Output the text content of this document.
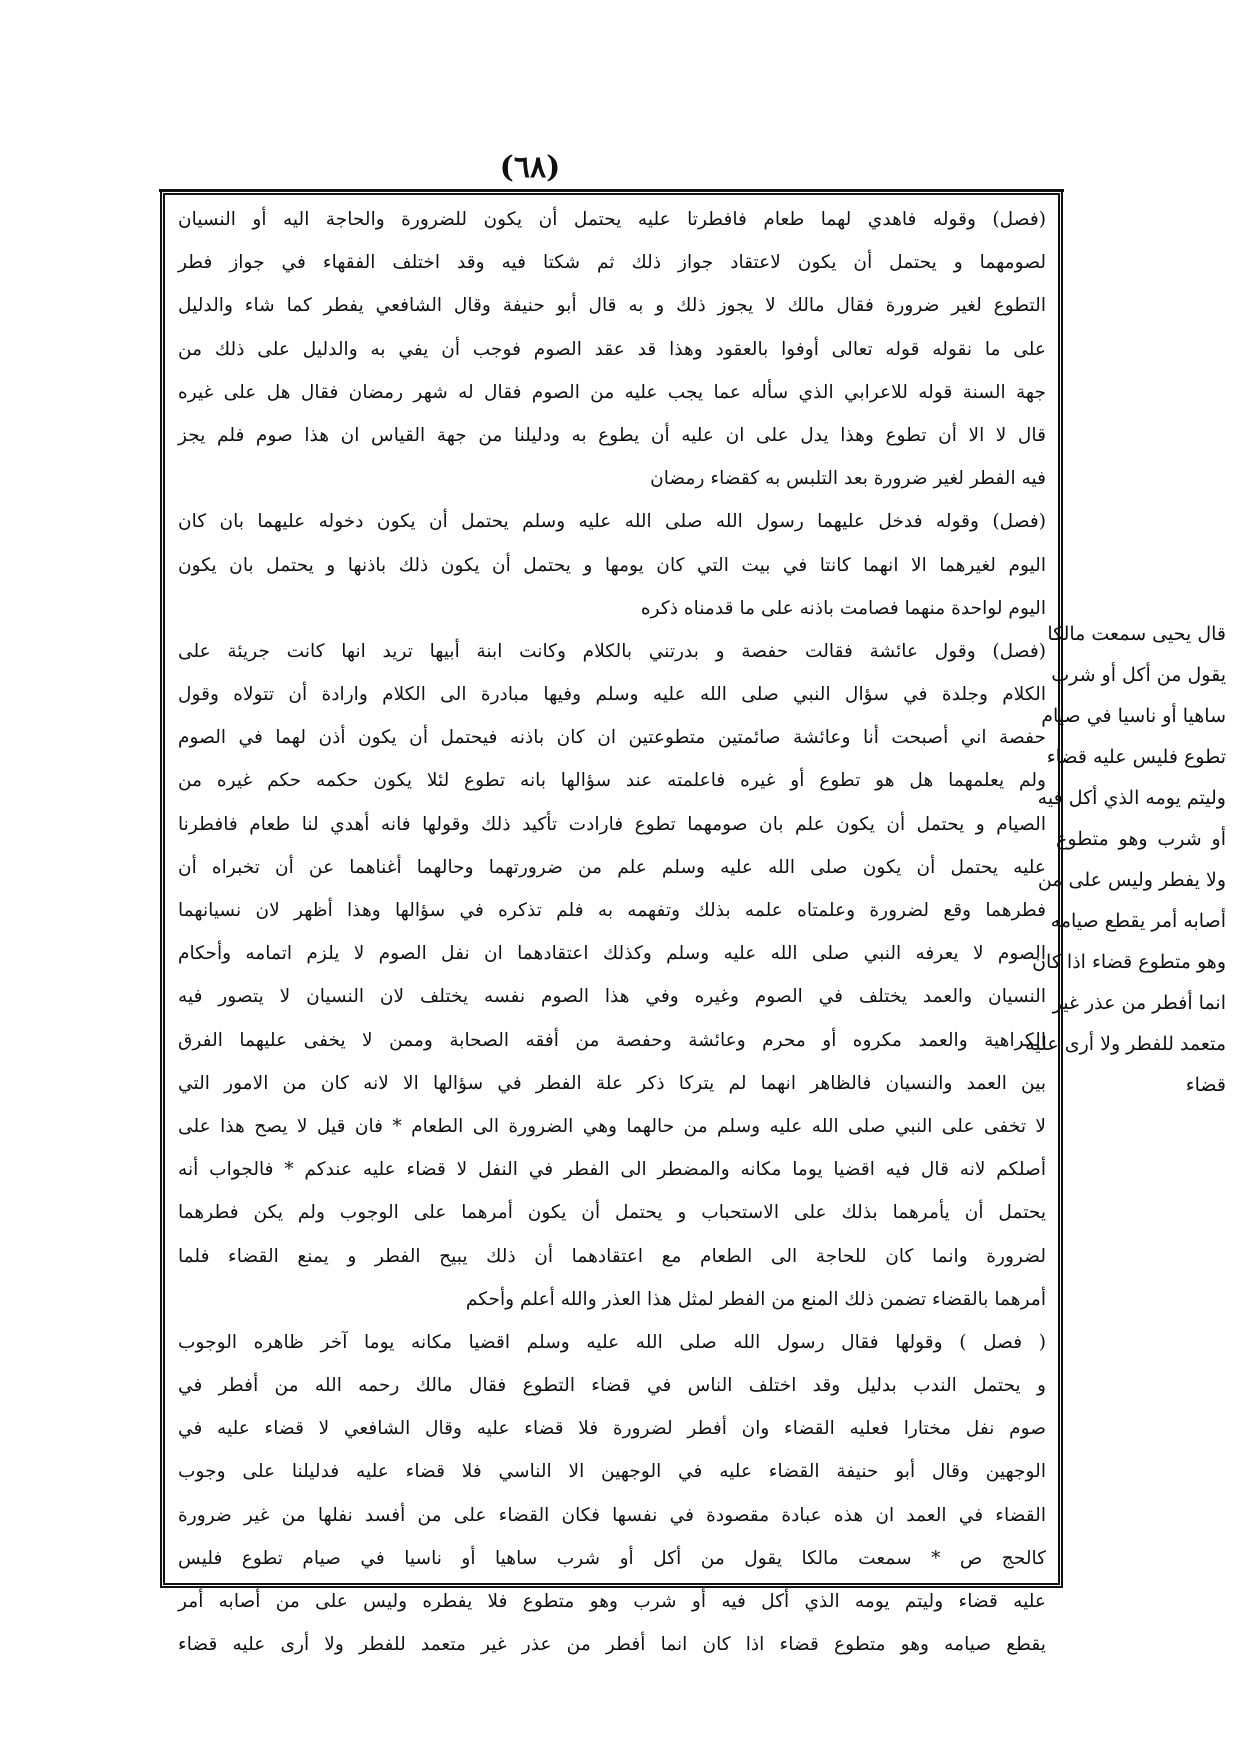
(٦٨)
(فصل) وقوله فاهدي لهما طعام فافطرتا عليه يحتمل أن يكون للضرورة والحاجة اليه أو النسيان
لصومهما و يحتمل أن يكون لاعتقاد جواز ذلك ثم شكتا فيه وقد اختلف الفقهاء في جواز فطر
التطوع لغير ضرورة فقال مالك لا يجوز ذلك و به قال أبو حنيفة وقال الشافعي يفطر كما شاء والدليل
على ما نقوله قوله تعالى أوفوا بالعقود وهذا قد عقد الصوم فوجب أن يفي به والدليل على ذلك من
جهة السنة قوله للاعرابي الذي سأله عما يجب عليه من الصوم فقال له شهر رمضان فقال هل على غيره
قال لا الا أن تطوع وهذا يدل على ان عليه أن يطوع به ودليلنا من جهة القياس ان هذا صوم فلم يجز
فيه الفطر لغير ضرورة بعد التلبس به كقضاء رمضان
(فصل) وقوله فدخل عليهما رسول الله صلى الله عليه وسلم يحتمل أن يكون دخوله عليهما بان كان
اليوم لغيرهما الا انهما كانتا في بيت التي كان يومها و يحتمل أن يكون ذلك باذنها و يحتمل بان يكون
اليوم لواحدة منهما فصامت باذنه على ما قدمناه ذكره
(فصل) وقول عائشة فقالت حفصة و بدرتني بالكلام وكانت ابنة أبيها تريد انها كانت جريئة على
الكلام وجلدة في سؤال النبي صلى الله عليه وسلم وفيها مبادرة الى الكلام وارادة أن تتولاه وقول
حفصة اني أصبحت أنا وعائشة صائمتين متطوعتين ان كان باذنه فيحتمل أن يكون أذن لهما في الصوم
ولم يعلمهما هل هو تطوع أو غيره فاعلمته عند سؤالها بانه تطوع لئلا يكون حكمه حكم غيره من
الصيام و يحتمل أن يكون علم بان صومهما تطوع فارادت تأكيد ذلك وقولها فانه أهدي لنا طعام فافطرنا
عليه يحتمل أن يكون صلى الله عليه وسلم علم من ضرورتهما وحالهما أغناهما عن أن تخبراه أن
فطرهما وقع لضرورة وعلمتاه علمه بذلك وتفهمه به فلم تذكره في سؤالها وهذا أظهر لان نسيانهما
الصوم لا يعرفه النبي صلى الله عليه وسلم وكذلك اعتقادهما ان نفل الصوم لا يلزم اتمامه وأحكام
النسيان والعمد يختلف في الصوم وغيره وفي هذا الصوم نفسه يختلف لان النسيان لا يتصور فيه
الكراهية والعمد مكروه أو محرم وعائشة وحفصة من أفقه الصحابة وممن لا يخفى عليهما الفرق
بين العمد والنسيان فالظاهر انهما لم يتركا ذكر علة الفطر في سؤالها الا لانه كان من الامور التي
لا تخفى على النبي صلى الله عليه وسلم من حالهما وهي الضرورة الى الطعام * فان قيل لا يصح هذا على
أصلكم لانه قال فيه اقضيا يوما مكانه والمضطر الى الفطر في النفل لا قضاء عليه عندكم * فالجواب أنه
يحتمل أن يأمرهما بذلك على الاستحباب و يحتمل أن يكون أمرهما على الوجوب ولم يكن فطرهما
لضرورة وانما كان للحاجة الى الطعام مع اعتقادهما أن ذلك يبيح الفطر و يمنع القضاء فلما
أمرهما بالقضاء تضمن ذلك المنع من الفطر لمثل هذا العذر والله أعلم وأحكم
( فصل ) وقولها فقال رسول الله صلى الله عليه وسلم اقضيا مكانه يوما آخر ظاهره الوجوب
و يحتمل الندب بدليل وقد اختلف الناس في قضاء التطوع فقال مالك رحمه الله من أفطر في
صوم نفل مختارا فعليه القضاء وان أفطر لضرورة فلا قضاء عليه وقال الشافعي لا قضاء عليه في
الوجهين وقال أبو حنيفة القضاء عليه في الوجهين الا الناسي فلا قضاء عليه فدليلنا على وجوب
القضاء في العمد ان هذه عبادة مقصودة في نفسها فكان القضاء على من أفسد نفلها من غير ضرورة
كالحج ص * سمعت مالكا يقول من أكل أو شرب ساهيا أو ناسيا في صيام تطوع فليس
عليه قضاء وليتم يومه الذي أكل فيه أو شرب وهو متطوع فلا يفطره وليس على من أصابه أمر
يقطع صيامه وهو متطوع قضاء اذا كان انما أفطر من عذر غير متعمد للفطر ولا أرى عليه قضاء
قال يحيى سمعت مالكا
يقول من أكل أو شرب
ساهيا أو ناسيا في صيام
تطوع فليس عليه قضاء
وليتم يومه الذي أكل فيه
أو شرب وهو متطوع
ولا يفطر وليس على من
أصابه أمر يقطع صيامه
وهو متطوع قضاء اذا كان
انما أفطر من عذر غير
متعمد للفطر ولا أرى عليه
قضاء
